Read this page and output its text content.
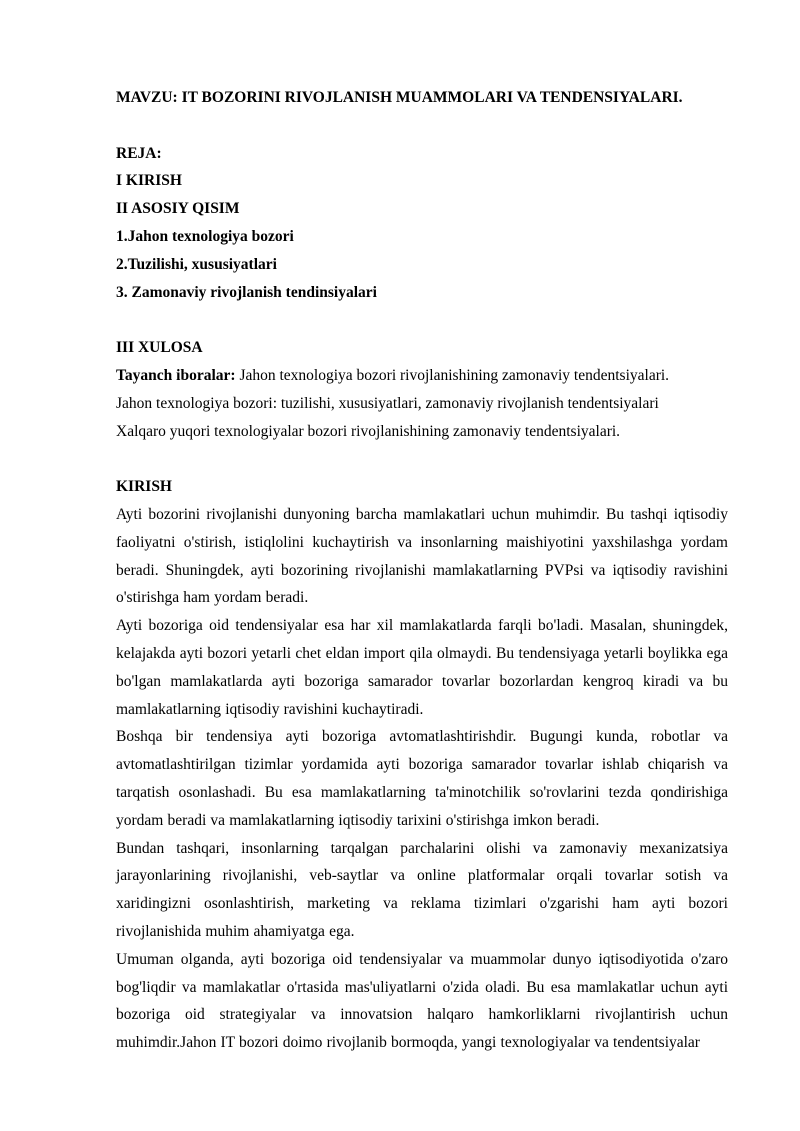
MAVZU: IT BOZORINI RIVOJLANISH MUAMMOLARI VA TENDENSIYALARI.
REJA:
I KIRISH
II ASOSIY QISIM
1.Jahon texnologiya bozori
2.Tuzilishi, xususiyatlari
3. Zamonaviy rivojlanish tendinsiyalari
III XULOSA
Tayanch iboralar: Jahon texnologiya bozori rivojlanishining zamonaviy tendentsiyalari.
Jahon texnologiya bozori: tuzilishi, xususiyatlari, zamonaviy rivojlanish tendentsiyalari
Xalqaro yuqori texnologiyalar bozori rivojlanishining zamonaviy tendentsiyalari.
KIRISH

Ayti bozorini rivojlanishi dunyoning barcha mamlakatlari uchun muhimdir. Bu tashqi iqtisodiy faoliyatni o'stirish, istiqlolini kuchaytirish va insonlarning maishiyotini yaxshilashga yordam beradi. Shuningdek, ayti bozorining rivojlanishi mamlakatlarning PVPsi va iqtisodiy ravishini o'stirishga ham yordam beradi.

Ayti bozoriga oid tendensiyalar esa har xil mamlakatlarda farqli bo'ladi. Masalan, shuningdek, kelajakda ayti bozori yetarli chet eldan import qila olmaydi. Bu tendensiyaga yetarli boylikka ega bo'lgan mamlakatlarda ayti bozoriga samarador tovarlar bozorlardan kengroq kiradi va bu mamlakatlarning iqtisodiy ravishini kuchaytiradi.

Boshqa bir tendensiya ayti bozoriga avtomatlashtirishdir. Bugungi kunda, robotlar va avtomatlashtirilgan tizimlar yordamida ayti bozoriga samarador tovarlar ishlab chiqarish va tarqatish osonlashadi. Bu esa mamlakatlarning ta'minotchilik so'rovlarini tezda qondirishiga yordam beradi va mamlakatlarning iqtisodiy tarixini o'stirishga imkon beradi.

Bundan tashqari, insonlarning tarqalgan parchalarini olishi va zamonaviy mexanizatsiya jarayonlarining rivojlanishi, veb-saytlar va online platformalar orqali tovarlar sotish va xaridingizni osonlashtirish, marketing va reklama tizimlari o'zgarishi ham ayti bozori rivojlanishida muhim ahamiyatga ega.

Umuman olganda, ayti bozoriga oid tendensiyalar va muammolar dunyo iqtisodiyotida o'zaro bog'liqdir va mamlakatlar o'rtasida mas'uliyatlarni o'zida oladi. Bu esa mamlakatlar uchun ayti bozoriga oid strategiyalar va innovatsion halqaro hamkorliklarni rivojlantirish uchun muhimdir.Jahon IT bozori doimo rivojlanib bormoqda, yangi texnologiyalar va tendentsiyalar
